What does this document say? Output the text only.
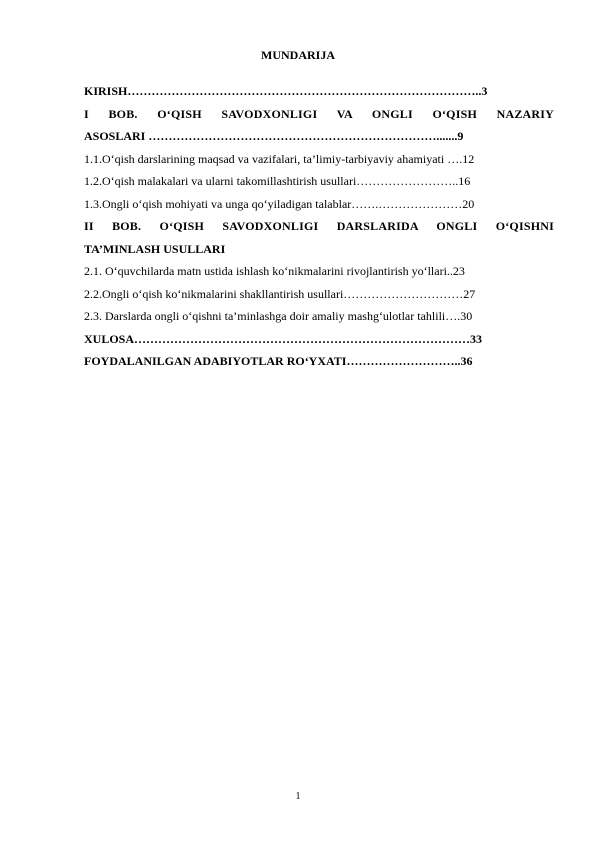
MUNDARIJA
KIRISH……………………………………………………………………………..3
I BOB. O‘QISH SAVODXONLIGI VA ONGLI O‘QISH NAZARIY
ASOSLARI ……………………………………………………………….......9
1.1.O‘qish darslarining maqsad va vazifalari, ta’limiy-tarbiyaviy ahamiyati ….12
1.2.O‘qish malakalari va ularni takomillashtirish usullari……………………..16
1.3.Ongli o‘qish mohiyati va unga qo‘yiladigan talablar…….…………………20
II BOB. O‘QISH SAVODXONLIGI DARSLARIDA ONGLI O‘QISHNI
TA’MINLASH USULLARI
2.1. O‘quvchilarda matn ustida ishlash ko‘nikmalarini rivojlantirish yo‘llari..23
2.2.Ongli o‘qish ko‘nikmalarini shakllantirish usullari…………………………27
2.3. Darslarda ongli o‘qishni ta’minlashga doir amaliy mashg‘ulotlar tahlili….30
XULOSA…………………………………………………………………………33
FOYDALANILGAN ADABIYOTLAR RO‘YXATI………………………..36
1
